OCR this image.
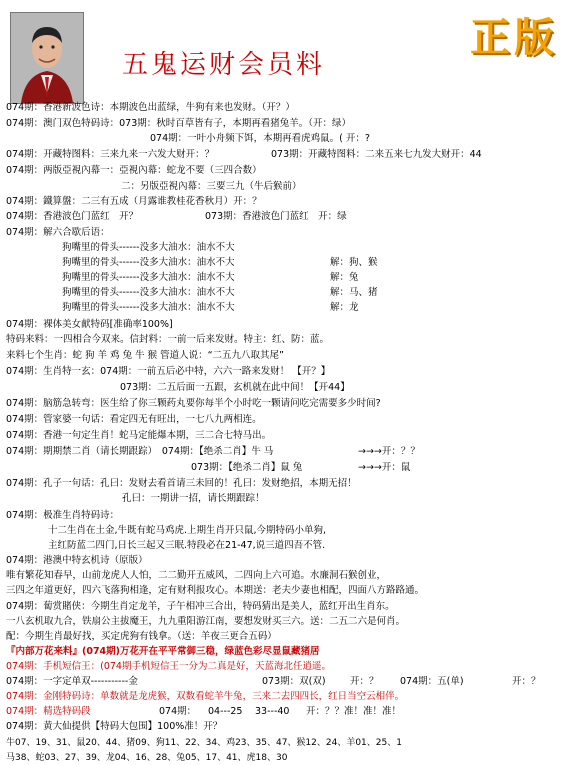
五鬼运财会员料
正版
074期：香港新波色诗：本期波色出蓝绿，牛狗有来也发财。（开？）
074期：澳门双色特码诗：073期：秋时百草皆有子，本期再看猪兔羊。（开：绿）
074期：一叶小舟频下饵，本期再看虎鸡鼠。( 开：?
074期：开藏特图料：三来九来一六发大财开：？	073期：开藏特图料：二来五来七九发大财开：44
074期：两版亞視內幕一：亞視內幕：蛇龙不要（三四合数）
二：另版亞視內幕：三要三九（牛后猴前）
074期：鐵算盤：二三有五成（月露谁教桂花香秋月）开：？
074期：香港波色门蓝红　开？	073期：香港波色门蓝红　开：绿
074期：解六合歇后语：
狗嘴里的骨头------没多大油水：油水不大
狗嘴里的骨头------没多大油水：油水不大	解：狗、猴
狗嘴里的骨头------没多大油水：油水不大	解：兔
狗嘴里的骨头------没多大油水：油水不大	解：马、猪
狗嘴里的骨头------没多大油水：油水不大	解：龙
074期：裸体美女献特码[准确率100%]
特码来料：一四相合今双来。信封料：一前一后来发财。特主：红、防：蓝。
来料七个生肖：蛇 狗 羊 鸡 兔 牛 猴 管道人说：“二五九八取其尾”
074期：生肖特一玄：074期：一前五后必中特，六六一路来发财！ 【开？】
073期：二五后面一五跟，玄机就在此中间！【开44】
074期：脑筋急转弯：医生给了你三颗药丸要你每半个小时吃一颗请问吃完需要多少时间?
074期：管家婆一句话：看定四无有旺出，一七八九两相连。
074期：香港一句定生肖！蛇马定能爆本期，三二合七特马出。
074期：期期禁二肖（请长期跟踪）　074期：【绝杀二肖】牛 马	→→→开：？？
073期：【绝杀二肖】鼠 兔	→→→开：鼠
074期：孔子一句话：孔曰：发财去看首请三未回的！孔曰：发财绝招，本期无招！
孔曰：一期讲一招，请长期跟踪！
074期：极准生肖特码诗：
十二生肖在土金,牛既有蛇马鸡虎.上期生肖开只鼠,今期特码小单狗,
主红防蓝二四门,日长三起又三眠.特段必在21-47,说三道四吾不管.
074期：港澳中特玄机诗（原版）
唯有繁花知春早，山前龙虎人人怕，二二勤开五威风，二四向上六可追。水廉洞石猴创业，
三四之年道更好，四六飞落狗相逢，定有财利报攻心。本期送：老夫少妻也相配，四面八方路路通。
074期：蔔赏賭侠：今期生肖定龙羊，子午相冲三合出，特码猜出是美人，蓝红开出生肖东。
一八玄机取九合，铁扇公主拔魔王，九九重阳游江南，要想发财买三六。送：二五二六是何肖。
配：今期生肖最好找，买定虎狗有钱拿。（送：羊夜三更合五码）
『内部万花来料』(074期)万花开在平平常御三稳，绿蓝色彩尽显鼠藏猪居
074期：手机短信王：(074期手机短信王一分为二真是好，天蓝海北任逍遥。
074期：一字定单双-----------金	073期：双(双)	开：？ 074期：五(单)	开：？
074期：金刚特码诗：单数就是龙虎猴，双数看蛇羊牛兔，三来二去四四长，红日当空云相伴。
074期：精选特码段	074期： 04---25 33---40 开：？？准！准！准！
074期：黄大仙提供【特码大包围】100%准！开？
牛07、19、31、鼠20、44、猪09、狗11、22、34、鸡23、35、47、猴12、24、羊01、25、1
马38、蛇03、27、39、龙04、16、28、兔05、17、41、虎18、30
